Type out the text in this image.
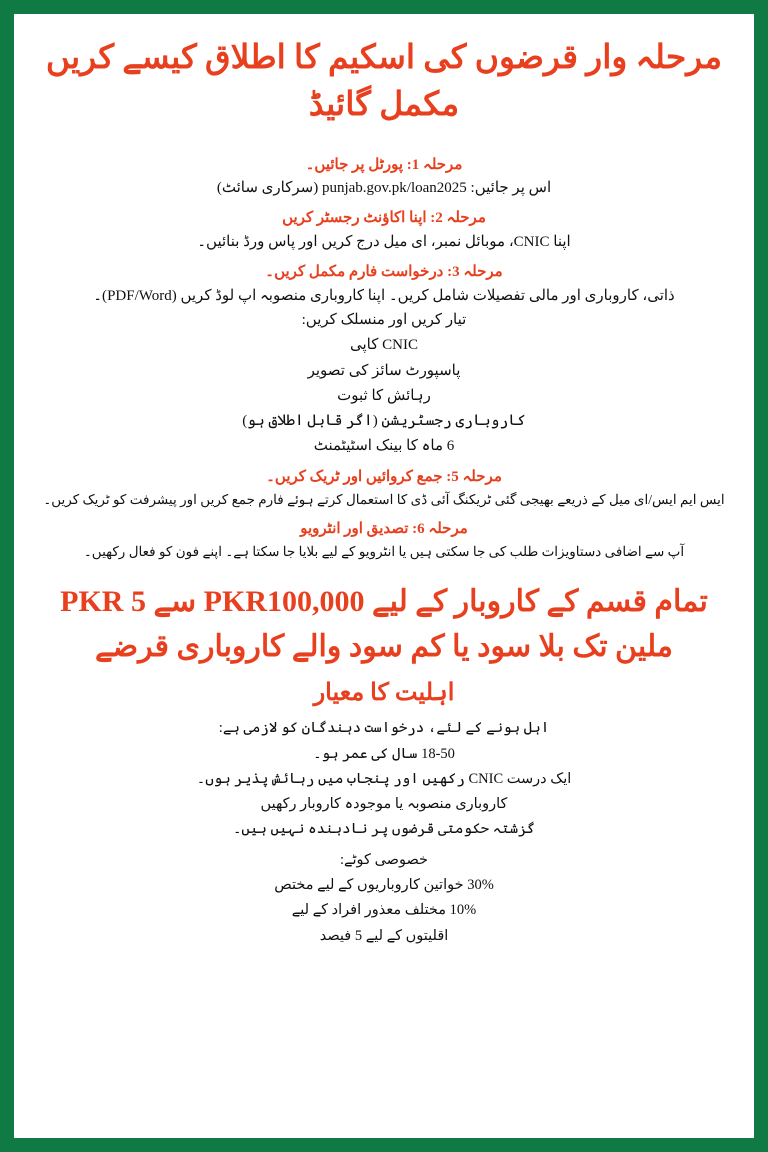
مرحلہ وار قرضوں کی اسکیم کا اطلاق کیسے کریں مکمل گائیڈ
مرحلہ 1: پورٹل پر جائیں۔
اس پر جائیں: punjab.gov.pk/loan2025 (سرکاری سائٹ)
مرحلہ 2: اپنا اکاؤنٹ رجسٹر کریں
اپنا CNIC، موبائل نمبر، ای میل درج کریں اور پاس ورڈ بنائیں۔
مرحلہ 3: درخواست فارم مکمل کریں۔
ذاتی، کاروباری اور مالی تفصیلات شامل کریں۔ اپنا کاروباری منصوبہ اپ لوڈ کریں (PDF/Word)۔
تیار کریں اور منسلک کریں:
CNIC کاپی
پاسپورٹ سائز کی تصویر
رہائش کا ثبوت
کاروباری رجسٹریشن (اگر قابل اطلاق ہو)
6 ماہ کا بینک اسٹیٹمنٹ
مرحلہ 5: جمع کروائیں اور ٹریک کریں۔
ایس ایم ایس/ای میل کے ذریعے بھیجی گئی ٹریکنگ آئی ڈی کا استعمال کرتے ہوئے فارم جمع کریں اور پیشرفت کو ٹریک کریں۔
مرحلہ 6: تصدیق اور انٹرویو
آپ سے اضافی دستاویزات طلب کی جا سکتی ہیں یا انٹرویو کے لیے بلایا جا سکتا ہے۔ اپنے فون کو فعال رکھیں۔
تمام قسم کے کاروبار کے لیے PKR100,000 سے PKR 5 ملین تک بلا سود یا کم سود والے کاروباری قرضے
اہلیت کا معیار
اہل ہونے کے لئے، درخواست دہندگان کو لازمی ہے:
18-50 سال کی عمر ہو۔
ایک درست CNIC رکھیں اور پنجاب میں رہائش پذیر ہوں۔
کاروباری منصوبہ یا موجودہ کاروبار رکھیں
گزشتہ حکومتی قرضوں پر نادہندہ نہیں ہیں۔
خصوصی کوٹے:
30% خواتین کاروباریوں کے لیے مختص
10% مختلف معذور افراد کے لیے
اقلیتوں کے لیے 5 فیصد
